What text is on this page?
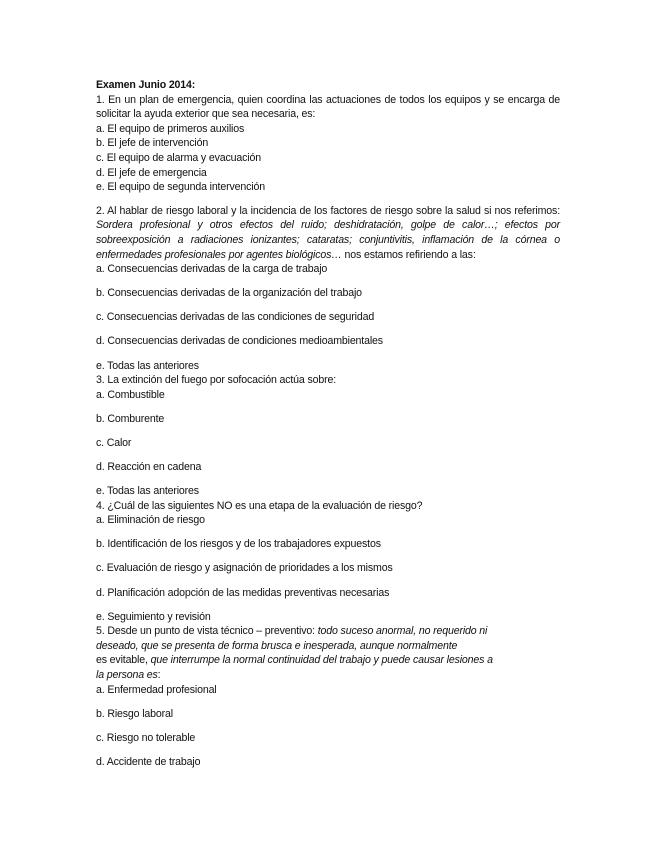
Examen Junio 2014:
1. En un plan de emergencia, quien coordina las actuaciones de todos los equipos y se encarga de solicitar la ayuda exterior que sea necesaria, es:
a. El equipo de primeros auxilios
b. El jefe de intervención
c. El equipo de alarma y evacuación
d. El jefe de emergencia
e. El equipo de segunda intervención
2. Al hablar de riesgo laboral y la incidencia de los factores de riesgo sobre la salud si nos referimos: Sordera profesional y otros efectos del ruido; deshidratación, golpe de calor…; efectos por sobreexposición a radiaciones ionizantes; cataratas; conjuntivitis, inflamación de la córnea o enfermedades profesionales por agentes biológicos… nos estamos refiriendo a las:
a. Consecuencias derivadas de la carga de trabajo
b. Consecuencias derivadas de la organización del trabajo
c. Consecuencias derivadas de las condiciones de seguridad
d. Consecuencias derivadas de condiciones medioambientales
e. Todas las anteriores
3. La extinción del fuego por sofocación actúa sobre:
a. Combustible
b. Comburente
c. Calor
d. Reacción en cadena
e. Todas las anteriores
4. ¿Cuál de las siguientes NO es una etapa de la evaluación de riesgo?
a. Eliminación de riesgo
b. Identificación de los riesgos y de los trabajadores expuestos
c. Evaluación de riesgo y asignación de prioridades a los mismos
d. Planificación adopción de las medidas preventivas necesarias
e. Seguimiento y revisión
5. Desde un punto de vista técnico – preventivo: todo suceso anormal, no requerido ni
deseado, que se presenta de forma brusca e inesperada, aunque normalmente
es evitable, que interrumpe la normal continuidad del trabajo y puede causar lesiones a
la persona es:
a. Enfermedad profesional
b. Riesgo laboral
c. Riesgo no tolerable
d. Accidente de trabajo
